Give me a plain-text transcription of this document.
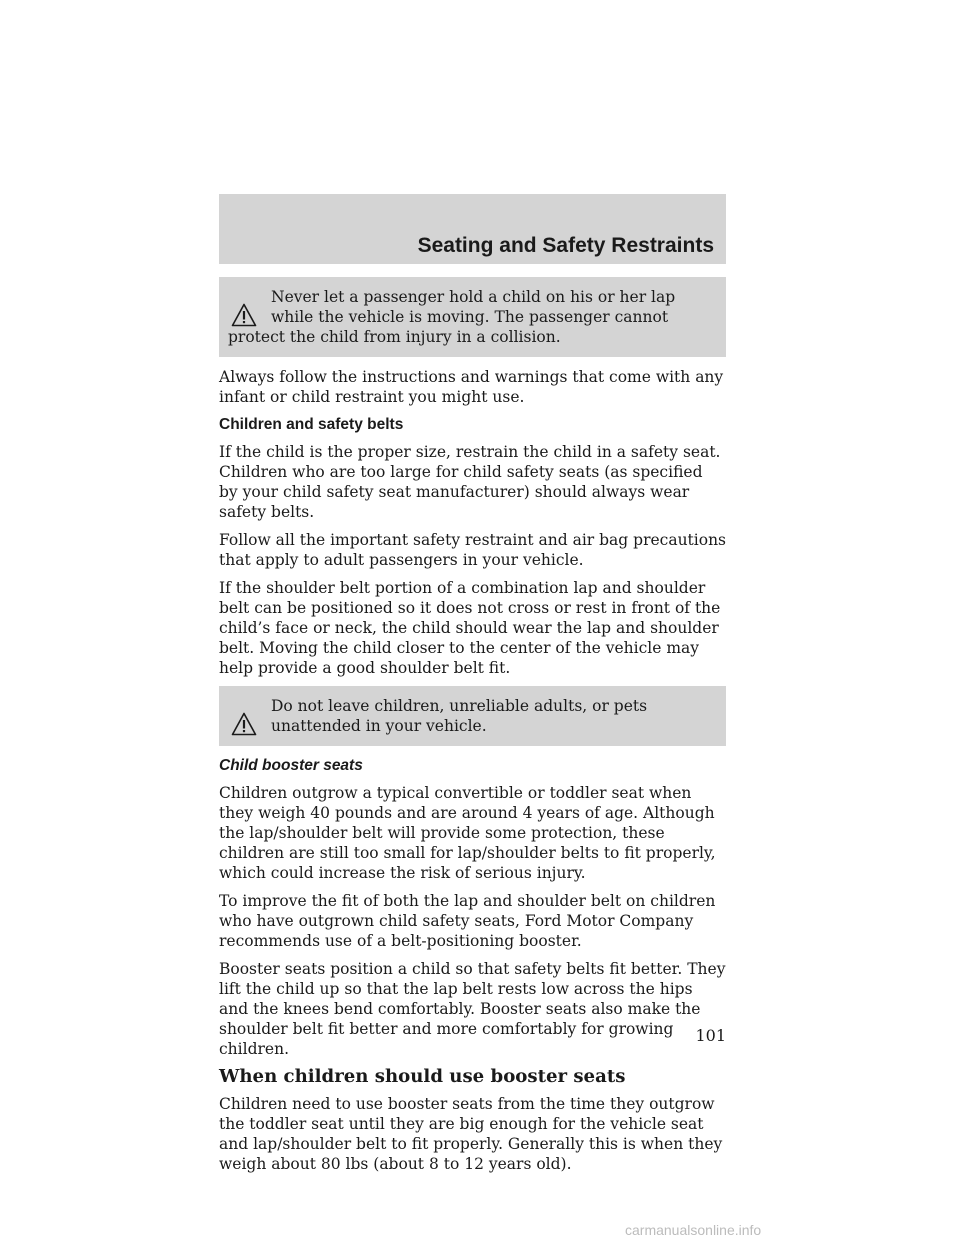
Seating and Safety Restraints

Never let a passenger hold a child on his or her lap while the vehicle is moving. The passenger cannot protect the child from injury in a collision.

Always follow the instructions and warnings that come with any infant or child restraint you might use.

Children and safety belts

If the child is the proper size, restrain the child in a safety seat. Children who are too large for child safety seats (as specified by your child safety seat manufacturer) should always wear safety belts.

Follow all the important safety restraint and air bag precautions that apply to adult passengers in your vehicle.

If the shoulder belt portion of a combination lap and shoulder belt can be positioned so it does not cross or rest in front of the child’s face or neck, the child should wear the lap and shoulder belt. Moving the child closer to the center of the vehicle may help provide a good shoulder belt fit.

Do not leave children, unreliable adults, or pets unattended in your vehicle.

Child booster seats

Children outgrow a typical convertible or toddler seat when they weigh 40 pounds and are around 4 years of age. Although the lap/shoulder belt will provide some protection, these children are still too small for lap/shoulder belts to fit properly, which could increase the risk of serious injury.

To improve the fit of both the lap and shoulder belt on children who have outgrown child safety seats, Ford Motor Company recommends use of a belt-positioning booster.

Booster seats position a child so that safety belts fit better. They lift the child up so that the lap belt rests low across the hips and the knees bend comfortably. Booster seats also make the shoulder belt fit better and more comfortably for growing children.

When children should use booster seats

Children need to use booster seats from the time they outgrow the toddler seat until they are big enough for the vehicle seat and lap/shoulder belt to fit properly. Generally this is when they weigh about 80 lbs (about 8 to 12 years old).

101
carmanualsonline.info
